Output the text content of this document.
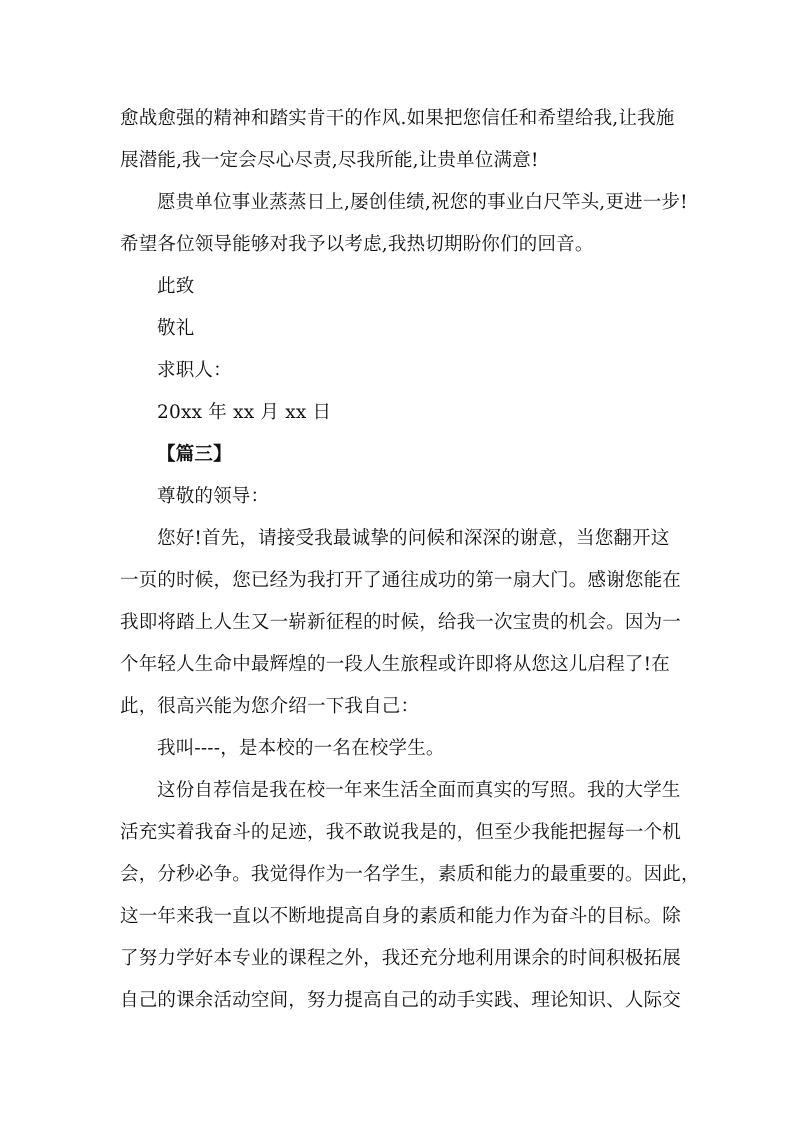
愈战愈强的精神和踏实肯干的作风.如果把您信任和希望给我,让我施
展潜能,我一定会尽心尽责,尽我所能,让贵单位满意!
愿贵单位事业蒸蒸日上,屡创佳绩,祝您的事业白尺竿头,更进一步!
希望各位领导能够对我予以考虑,我热切期盼你们的回音。
此致
敬礼
求职人：
20xx 年 xx 月 xx 日
【篇三】
尊敬的领导：
您好!首先，请接受我最诚挚的问候和深深的谢意，当您翻开这
一页的时候，您已经为我打开了通往成功的第一扇大门。感谢您能在
我即将踏上人生又一崭新征程的时候，给我一次宝贵的机会。因为一
个年轻人生命中最辉煌的一段人生旅程或许即将从您这儿启程了!在
此，很高兴能为您介绍一下我自己：
我叫----，是本校的一名在校学生。
这份自荐信是我在校一年来生活全面而真实的写照。我的大学生
活充实着我奋斗的足迹，我不敢说我是的，但至少我能把握每一个机
会，分秒必争。我觉得作为一名学生，素质和能力的最重要的。因此，
这一年来我一直以不断地提高自身的素质和能力作为奋斗的目标。除
了努力学好本专业的课程之外，我还充分地利用课余的时间积极拓展
自己的课余活动空间，努力提高自己的动手实践、理论知识、人际交
